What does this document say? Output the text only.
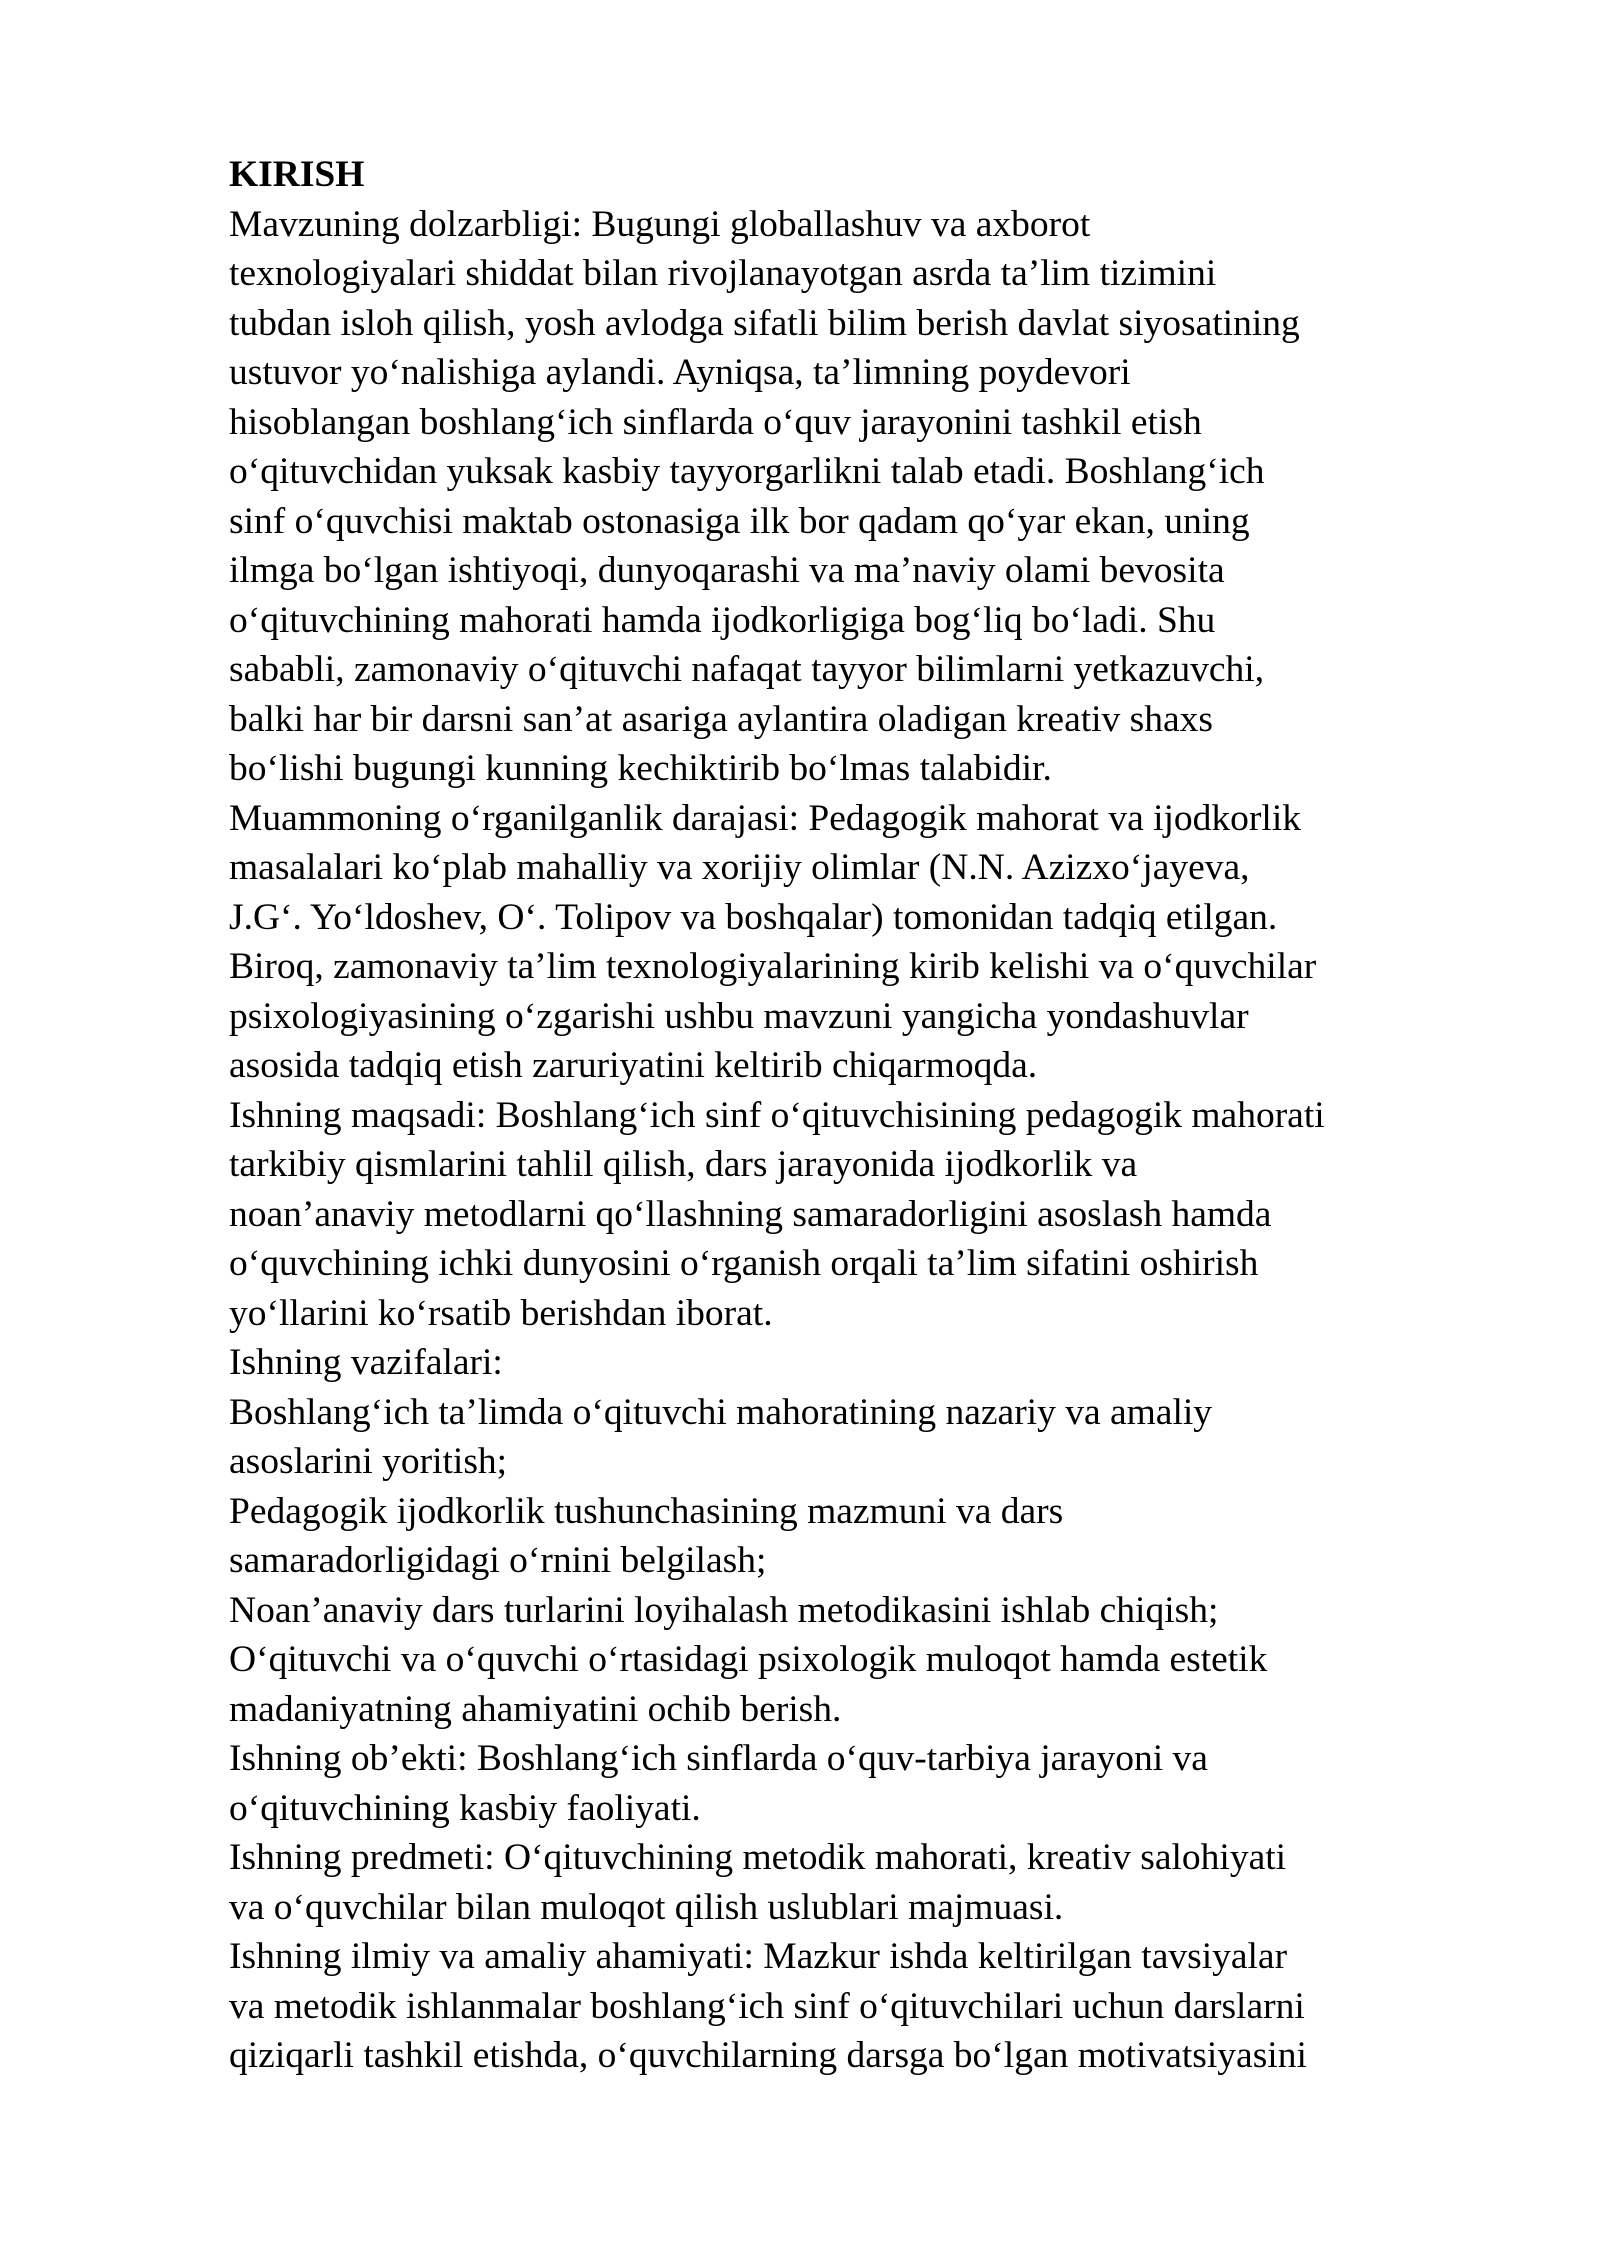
KIRISH
Mavzuning dolzarbligi: Bugungi globallashuv va axborot
texnologiyalari shiddat bilan rivojlanayotgan asrda ta’lim tizimini
tubdan isloh qilish, yosh avlodga sifatli bilim berish davlat siyosatining
ustuvor yoʻnalishiga aylandi. Ayniqsa, ta’limning poydevori
hisoblangan boshlangʻich sinflarda oʻquv jarayonini tashkil etish
oʻqituvchidan yuksak kasbiy tayyorgarlikni talab etadi. Boshlangʻich
sinf oʻquvchisi maktab ostonasiga ilk bor qadam qoʻyar ekan, uning
ilmga boʻlgan ishtiyoqi, dunyoqarashi va ma’naviy olami bevosita
oʻqituvchining mahorati hamda ijodkorligiga bogʻliq boʻladi. Shu
sababli, zamonaviy oʻqituvchi nafaqat tayyor bilimlarni yetkazuvchi,
balki har bir darsni san’at asariga aylantira oladigan kreativ shaxs
boʻlishi bugungi kunning kechiktirib boʻlmas talabidir.
Muammoning oʻrganilganlik darajasi: Pedagogik mahorat va ijodkorlik
masalalari koʻplab mahalliy va xorijiy olimlar (N.N. Azizxoʻjayeva,
J.Gʻ. Yoʻldoshev, Oʻ. Tolipov va boshqalar) tomonidan tadqiq etilgan.
Biroq, zamonaviy ta’lim texnologiyalarining kirib kelishi va oʻquvchilar
psixologiyasining oʻzgarishi ushbu mavzuni yangicha yondashuvlar
asosida tadqiq etish zaruriyatini keltirib chiqarmoqda.
Ishning maqsadi: Boshlangʻich sinf oʻqituvchisining pedagogik mahorati
tarkibiy qismlarini tahlil qilish, dars jarayonida ijodkorlik va
noan’anaviy metodlarni qoʻllashning samaradorligini asoslash hamda
oʻquvchining ichki dunyosini oʻrganish orqali ta’lim sifatini oshirish
yoʻllarini koʻrsatib berishdan iborat.
Ishning vazifalari:
Boshlangʻich ta’limda oʻqituvchi mahoratining nazariy va amaliy
asoslarini yoritish;
Pedagogik ijodkorlik tushunchasining mazmuni va dars
samaradorligidagi oʻrnini belgilash;
Noan’anaviy dars turlarini loyihalash metodikasini ishlab chiqish;
Oʻqituvchi va oʻquvchi oʻrtasidagi psixologik muloqot hamda estetik
madaniyatning ahamiyatini ochib berish.
Ishning ob’ekti: Boshlangʻich sinflarda oʻquv-tarbiya jarayoni va
oʻqituvchining kasbiy faoliyati.
Ishning predmeti: Oʻqituvchining metodik mahorati, kreativ salohiyati
va oʻquvchilar bilan muloqot qilish uslublari majmuasi.
Ishning ilmiy va amaliy ahamiyati: Mazkur ishda keltirilgan tavsiyalar
va metodik ishlanmalar boshlangʻich sinf oʻqituvchilari uchun darslarni
qiziqarli tashkil etishda, oʻquvchilarning darsga boʻlgan motivatsiyasini
